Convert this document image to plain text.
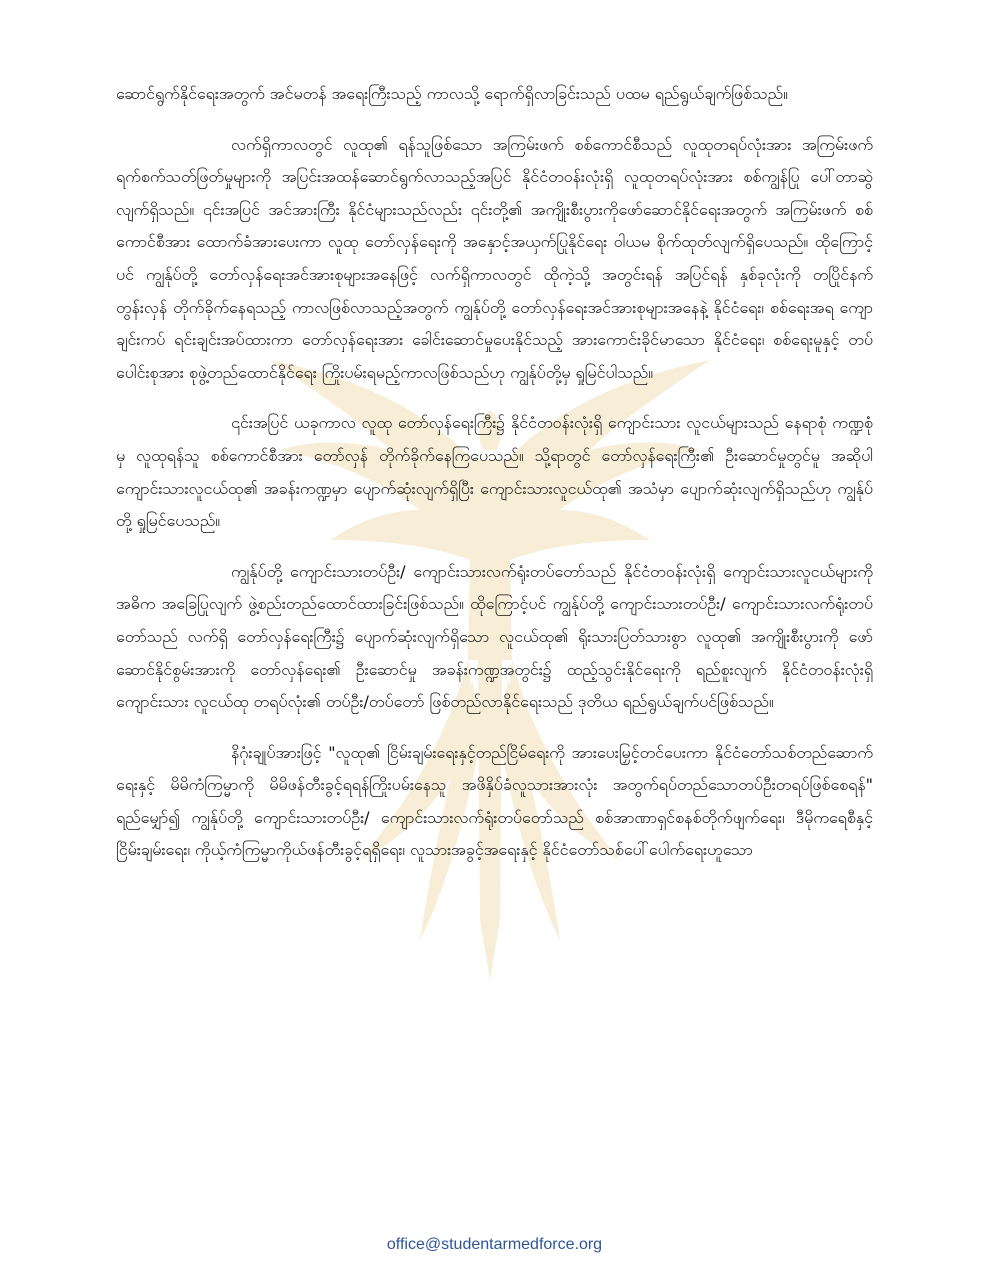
ဆောင်ရွက်နိုင်ရေးအတွက် အင်မတန် အရေးကြီးသည့် ကာလသို့ ရောက်ရှိလာခြင်းသည် ပထမ ရည်ရွယ်ချက်ဖြစ်သည်။

လက်ရှိကာလတွင် လူထု၏ ရန်သူဖြစ်သော အကြမ်းဖက် စစ်ကောင်စီသည် လူထုတရပ်လုံးအား အကြမ်းဖက် ရက်စက်သတ်ဖြတ်မှုများကို အပြင်းအထန်ဆောင်ရွက်လာသည့်အပြင် နိုင်ငံတဝန်းလုံးရှိ လူထုတရပ်လုံးအား စစ်ကျွန်ပြု ပေါ်တာဆွဲလျက်ရှိသည်။ ၎င်းအပြင် အင်အားကြီး နိုင်ငံများသည်လည်း ၎င်းတို့၏ အကျိုးစီးပွားကိုဖော်ဆောင်နိုင်ရေးအတွက် အကြမ်းဖက် စစ်ကောင်စီအား ထောက်ခံအားပေးကာ လူထု တော်လှန်ရေးကို အနှောင့်အယှက်ပြုနိုင်ရေး ဝါယမ စိုက်ထုတ်လျက်ရှိပေသည်။ ထိုကြောင့်ပင် ကျွန်ုပ်တို့ တော်လှန်ရေးအင်အားစုများအနေဖြင့် လက်ရှိကာလတွင် ထိုကဲ့သို့ အတွင်းရန် အပြင်ရန် နှစ်ခုလုံးကို တပြိုင်နက် တွန်းလှန် တိုက်ခိုက်နေရသည့် ကာလဖြစ်လာသည့်အတွက် ကျွန်ုပ်တို့ တော်လှန်ရေးအင်အားစုများအနေနဲ့ နိုင်ငံရေး၊ စစ်ရေးအရ ကျောချင်းကပ် ရင်းချင်းအပ်ထားကာ တော်လှန်ရေးအား ခေါင်းဆောင်မှုပေးနိုင်သည့် အားကောင်းခိုင်မာသော နိုင်ငံရေး၊ စစ်ရေးမူနှင့် တပ်ပေါင်းစုအား စုဖွဲ့တည်ထောင်နိုင်ရေး ကြိုးပမ်းရမည့်ကာလဖြစ်သည်ဟု ကျွန်ုပ်တို့မှ ရှုမြင်ပါသည်။

၎င်းအပြင် ယခုကာလ လူထု တော်လှန်ရေးကြီး၌ နိုင်ငံတဝန်းလုံးရှိ ကျောင်းသား လူငယ်များသည် နေရာစုံ ကဏ္ဍစုံမှ လူထုရန်သူ စစ်ကောင်စီအား တော်လှန် တိုက်ခိုက်နေကြပေသည်။ သို့ရာတွင် တော်လှန်ရေးကြီး၏ ဦးဆောင်မှုတွင်မူ အဆိုပါ ကျောင်းသားလူငယ်ထု၏ အခန်းကဏ္ဍမှာ ပျောက်ဆုံးလျက်ရှိပြီး ကျောင်းသားလူငယ်ထု၏ အသံမှာ ပျောက်ဆုံးလျက်ရှိသည်ဟု ကျွန်ုပ်တို့ ရှုမြင်ပေသည်။

ကျွန်ုပ်တို့ ကျောင်းသားတပ်ဦး/ ကျောင်းသားလက်ရုံးတပ်တော်သည် နိုင်ငံတဝန်းလုံးရှိ ကျောင်းသားလူငယ်များကို အဓိက အခြေပြုလျက် ဖွဲ့စည်းတည်ထောင်ထားခြင်းဖြစ်သည်။ ထိုကြောင့်ပင် ကျွန်ုပ်တို့ ကျောင်းသားတပ်ဦး/ ကျောင်းသားလက်ရုံးတပ်တော်သည် လက်ရှိ တော်လှန်ရေးကြီး၌ ပျောက်ဆုံးလျက်ရှိသော လူငယ်ထု၏ ရိုးသားပြတ်သားစွာ လူထု၏ အကျိုးစီးပွားကို ဖော်ဆောင်နိုင်စွမ်းအားကို တော်လှန်ရေး၏ ဦးဆောင်မှု အခန်းကဏ္ဍအတွင်း၌ ထည့်သွင်းနိုင်ရေးကို ရည်စူးလျက် နိုင်ငံတဝန်းလုံးရှိ ကျောင်းသား လူငယ်ထု တရပ်လုံး၏ တပ်ဦး/တပ်တော် ဖြစ်တည်လာနိုင်ရေးသည် ဒုတိယ ရည်ရွယ်ချက်ပင်ဖြစ်သည်။

နိဂုံးချုပ်အားဖြင့် "လူထု၏ ငြိမ်းချမ်းရေးနှင့်တည်ငြိမ်ရေးကို အားပေးမြှင့်တင်ပေးကာ နိုင်ငံတော်သစ်တည်ဆောက်ရေးနှင့် မိမိကံကြမ္မာကို မိမိဖန်တီးခွင့်ရရန်ကြိုးပမ်းနေသူ အဖိနှိပ်ခံလူသားအားလုံး အတွက်ရပ်တည်သောတပ်ဦးတရပ်ဖြစ်စေရန်" ရည်မျှော်၍ ကျွန်ုပ်တို့ ကျောင်းသားတပ်ဦး/ ကျောင်းသားလက်ရုံးတပ်တော်သည် စစ်အာဏာရှင်စနစ်တိုက်ဖျက်ရေး၊ ဒီမိုကရေစီနှင့် ငြိမ်းချမ်းရေး၊ ကိုယ့်ကံကြမ္မာကိုယ်ဖန်တီးခွင့်ရရှိရေး၊ လူသားအခွင့်အရေးနှင့် နိုင်ငံတော်သစ်ပေါ်ပေါက်ရေးဟူသော

office@studentarmedforce.org
